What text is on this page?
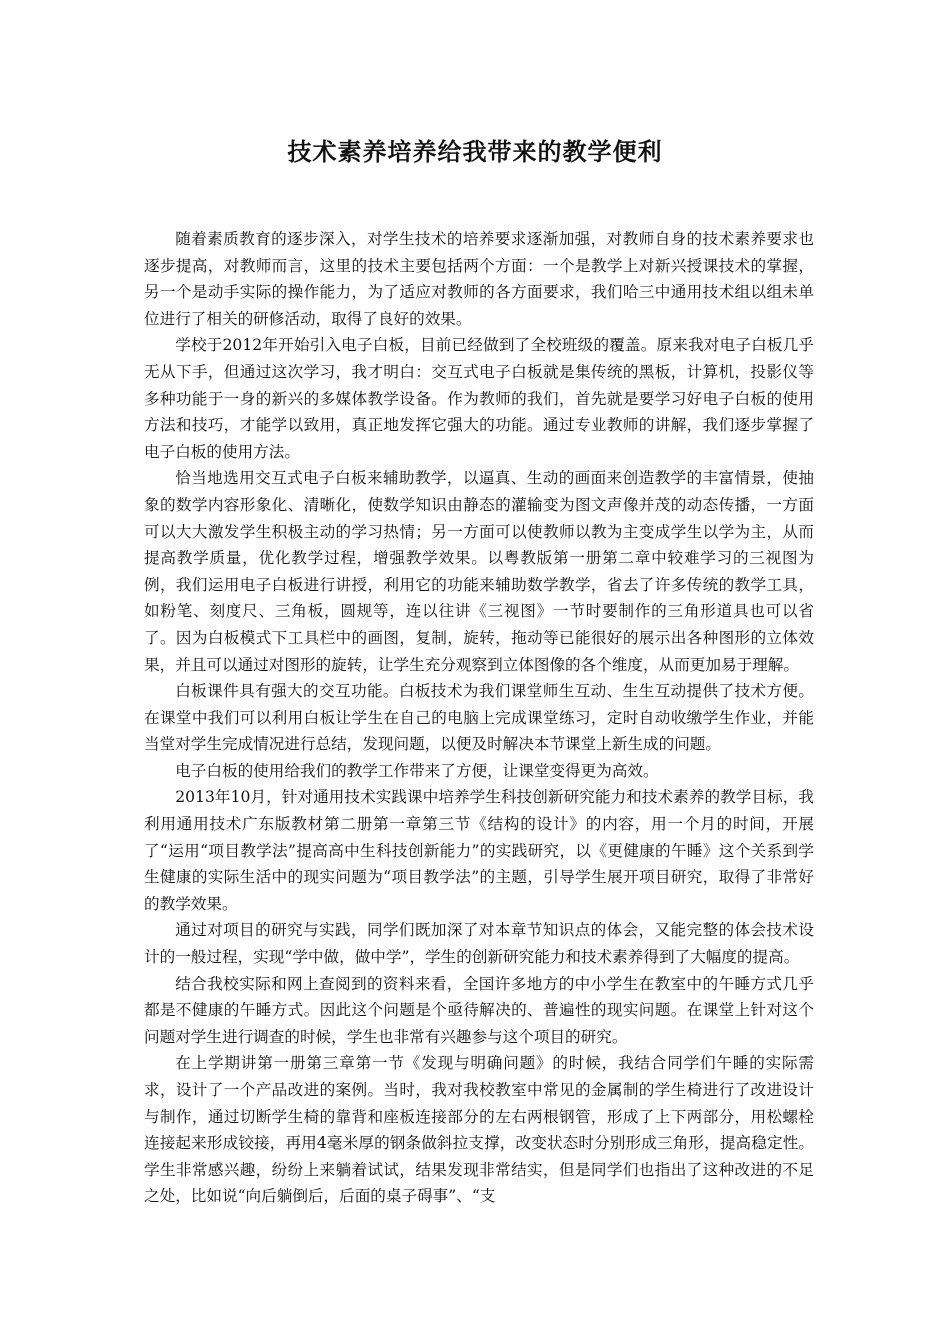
技术素养培养给我带来的教学便利

随着素质教育的逐步深入，对学生技术的培养要求逐渐加强，对教师自身的技术素养要求也逐步提高，对教师而言，这里的技术主要包括两个方面：一个是教学上对新兴授课技术的掌握，另一个是动手实际的操作能力，为了适应对教师的各方面要求，我们哈三中通用技术组以组未单位进行了相关的研修活动，取得了良好的效果。

学校于2012年开始引入电子白板，目前已经做到了全校班级的覆盖。原来我对电子白板几乎无从下手，但通过这次学习，我才明白：交互式电子白板就是集传统的黑板，计算机，投影仪等多种功能于一身的新兴的多媒体教学设备。作为教师的我们，首先就是要学习好电子白板的使用方法和技巧，才能学以致用，真正地发挥它强大的功能。通过专业教师的讲解，我们逐步掌握了电子白板的使用方法。

恰当地选用交互式电子白板来辅助教学，以逼真、生动的画面来创造教学的丰富情景，使抽象的数学内容形象化、清晰化，使数学知识由静态的灌输变为图文声像并茂的动态传播，一方面可以大大激发学生积极主动的学习热情；另一方面可以使教师以教为主变成学生以学为主，从而提高教学质量，优化教学过程，增强教学效果。以粤教版第一册第二章中较难学习的三视图为例，我们运用电子白板进行讲授，利用它的功能来辅助数学教学，省去了许多传统的教学工具，如粉笔、刻度尺、三角板，圆规等，连以往讲《三视图》一节时要制作的三角形道具也可以省了。因为白板模式下工具栏中的画图，复制，旋转，拖动等已能很好的展示出各种图形的立体效果，并且可以通过对图形的旋转，让学生充分观察到立体图像的各个维度，从而更加易于理解。

白板课件具有强大的交互功能。白板技术为我们课堂师生互动、生生互动提供了技术方便。在课堂中我们可以利用白板让学生在自己的电脑上完成课堂练习，定时自动收缴学生作业，并能当堂对学生完成情况进行总结，发现问题，以便及时解决本节课堂上新生成的问题。

电子白板的使用给我们的教学工作带来了方便，让课堂变得更为高效。

2013年10月，针对通用技术实践课中培养学生科技创新研究能力和技术素养的教学目标，我利用通用技术广东版教材第二册第一章第三节《结构的设计》的内容，用一个月的时间，开展了“运用“项目教学法”提高高中生科技创新能力”的实践研究，以《更健康的午睡》这个关系到学生健康的实际生活中的现实问题为“项目教学法”的主题，引导学生展开项目研究，取得了非常好的教学效果。

通过对项目的研究与实践，同学们既加深了对本章节知识点的体会，又能完整的体会技术设计的一般过程，实现“学中做，做中学”，学生的创新研究能力和技术素养得到了大幅度的提高。

结合我校实际和网上查阅到的资料来看，全国许多地方的中小学生在教室中的午睡方式几乎都是不健康的午睡方式。因此这个问题是个亟待解决的、普遍性的现实问题。在课堂上针对这个问题对学生进行调查的时候，学生也非常有兴趣参与这个项目的研究。

在上学期讲第一册第三章第一节《发现与明确问题》的时候，我结合同学们午睡的实际需求，设计了一个产品改进的案例。当时，我对我校教室中常见的金属制的学生椅进行了改进设计与制作，通过切断学生椅的靠背和座板连接部分的左右两根钢管，形成了上下两部分，用松螺栓连接起来形成铰接，再用4毫米厚的钢条做斜拉支撑，改变状态时分别形成三角形，提高稳定性。学生非常感兴趣，纷纷上来躺着试试，结果发现非常结实，但是同学们也指出了这种改进的不足之处，比如说“向后躺倒后，后面的桌子碍事”、“支
